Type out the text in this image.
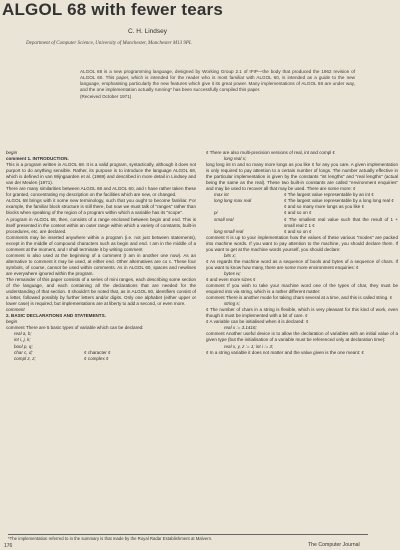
ALGOL 68 with fewer tears
C. H. Lindsey
Department of Computer Science, University of Manchester, Manchester M13 9PL
ALGOL 68 is a new programming language, designed by Working Group 2.1 of IFIP—the body that produced the 1962 revision of ALGOL 60. This paper, which is intended for the reader who is most familiar with ALGOL 60, is intended as a guide to the new language, emphasising particularly the new features which give it its great power. Many implementations of ALGOL 68 are under way, and the one implementation actually running* has been successfully compiled this paper.
(Received October 1971)

begin

comment 1. INTRODUCTION.

This is a program written in ALGOL 68. It is a valid program, syntactically, although it does not purport to do anything sensible. Rather, its purpose is to introduce the language ALGOL 68, which is defined in van Wijngaarden et al. (1969) and described in more detail in Lindsey and van der Meulen (1971).

There are many similarities between ALGOL 68 and ALGOL 60, and I have rather taken these for granted, concentrating my description on the facilities which are new, or changed.

ALGOL 68 brings with it some new terminology, such that you ought to become familiar. For example, the familiar block structure is still there, but now we must talk of "ranges" rather than blocks when speaking of the region of a program within which a variable has its "scope".

A program in ALGOL 68, then, consists of a range enclosed between begin and end. This is itself presented in the context within an outer range within which a variety of constants, built-in procedures, etc. are declared.

Comments may be inserted anywhere within a program (i.e. not just between statements), except in the middle of compound characters such as begin and end. I am in the middle of a comment at the moment, and I shall terminate it by writing comment

comment is also used at the beginning of a comment (I am in another one now). As an alternative to comment it may be used, at either end. Other alternatives are co c. These four symbols, of course, cannot be used within comments. As in ALGOL 60, spaces and newlines are everywhere ignored within the program.

The remainder of this paper consists of a series of mini ranges, each describing some section of the language, and each containing all the declarations that are needed for the understanding of that section. It shouldn't be noted that, as in ALGOL 60, identifiers consist of a letter, followed possibly by further letters and/or digits. Only one alphabet (either upper or lower case) is required, but implementations are at liberty to add a second, or even more.

comment

2. BASIC DECLARATIONS AND STATEMENTS.

begin

comment There are 5 basic types of variable which can be declared:

real a, b;
int i, j, k;
bool p, q;
char c, d;	¢ character ¢
compl z, z;	¢ complex ¢

¢ There are also multi-precision versions of real, int and compl ¢

long real x;

long long int m and so many more longs as you like ¢ for any you care. A given implementation is only required to pay attention to a certain number of longs. The number actually effective in the particular implementation is given by the constants "int lengths" and "real lengths" (actual being the same as the real). These two built-in constants are called "environment enquiries" and may be used to recover all that may be used. There are some more: ¢

max int	¢ The largest value representable by an int ¢
long long max real	¢ The largest value representable by a long long real ¢
¢ and so many more longs as you like ¢
pi	¢ and so on ¢
small real	¢ The smallest real value such that the result of 1 + small real ≠ 1 ¢
long small real	¢ and so on ¢

comment It is up to your implementation how the values of these various "modes" are packed into machine words. If you want to pay attention to the machine, you should declare them. If you want to get at the machine words yourself, you should declare:

bits x;

¢ As regards the machine word as a sequence of bools and bytes of a sequence of chars. If you want to know how many, there are some more environment enquiries: ¢

bytes w;

¢ and even more sizes ¢

comment If you wish to take your machine word one of the types of char, they must be enquired into via string, which is a rather different matter:

comment There is another mode for taking chars several at a time, and this is called string. ¢

string s;

¢ The number of chars in a string is flexible, which is very pleasant for this kind of work, even though it must be implemented with a bit of care. ¢

¢ A variable can be initialised when it is declared: ¢

real x := 3.1416;

comment Another useful device is to allow the declaration of variables with an initial value of a given type (but the initialisation of a variable must be referenced only at declaration time):

real x, y, z := 1; int i := 3;

¢ In a string variable it does not matter and the value given is the one meant: ¢

*The implementation referred to in the summary is that made by the Royal Radar Establishment at Malvern.
176	The Computer Journal
